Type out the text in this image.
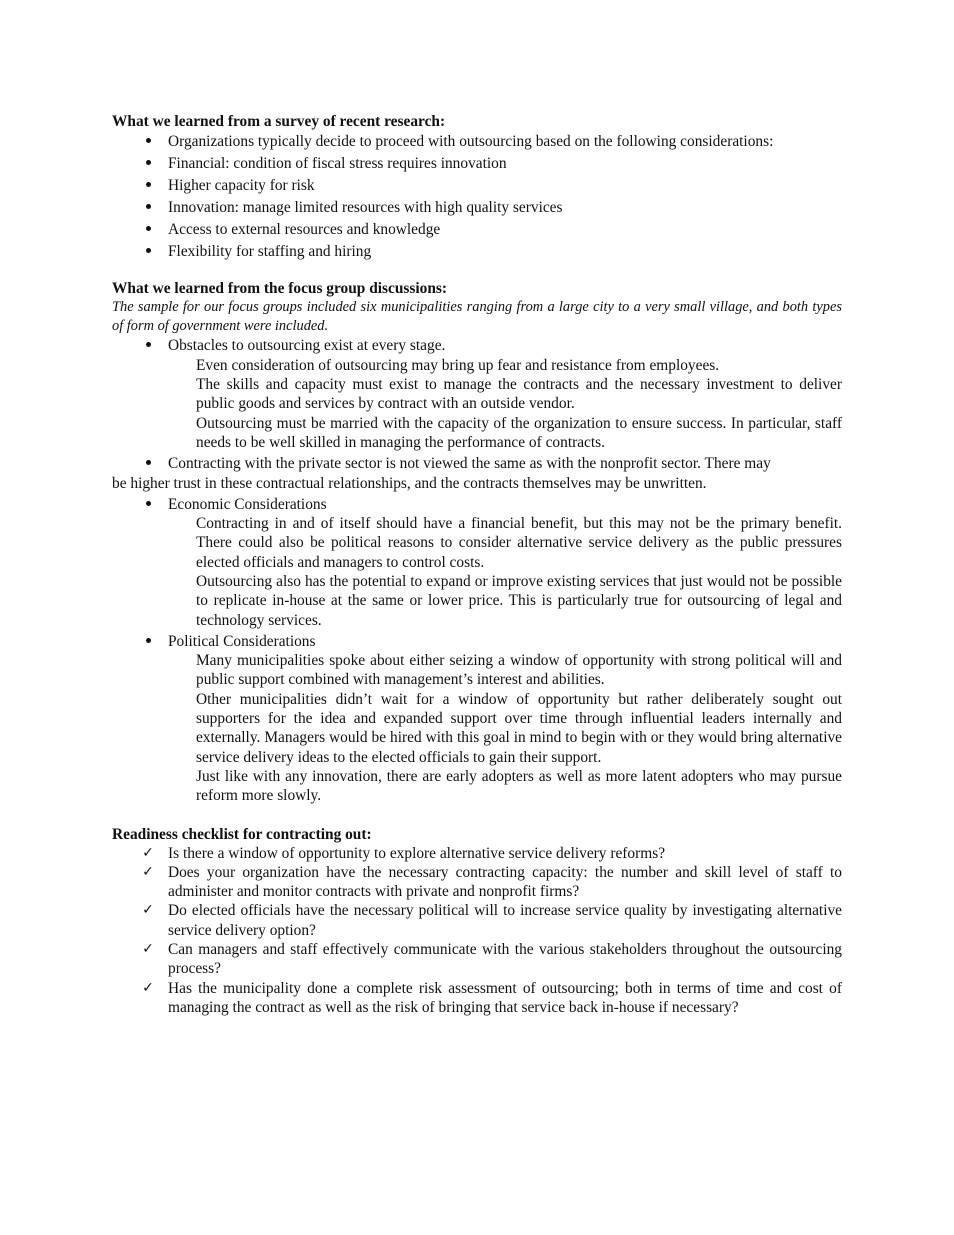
What we learned from a survey of recent research:

Organizations typically decide to proceed with outsourcing based on the following considerations:
Financial: condition of fiscal stress requires innovation
Higher capacity for risk
Innovation: manage limited resources with high quality services
Access to external resources and knowledge
Flexibility for staffing and hiring

What we learned from the focus group discussions:

The sample for our focus groups included six municipalities ranging from a large city to a very small village, and both types of form of government were included.

Obstacles to outsourcing exist at every stage.

Even consideration of outsourcing may bring up fear and resistance from employees.

The skills and capacity must exist to manage the contracts and the necessary investment to deliver public goods and services by contract with an outside vendor.

Outsourcing must be married with the capacity of the organization to ensure success. In particular, staff needs to be well skilled in managing the performance of contracts.

Contracting with the private sector is not viewed the same as with the nonprofit sector. There may
be higher trust in these contractual relationships, and the contracts themselves may be unwritten.
Economic Considerations

Contracting in and of itself should have a financial benefit, but this may not be the primary benefit. There could also be political reasons to consider alternative service delivery as the public pressures elected officials and managers to control costs.

Outsourcing also has the potential to expand or improve existing services that just would not be possible to replicate in-house at the same or lower price. This is particularly true for outsourcing of legal and technology services.

Political Considerations

Many municipalities spoke about either seizing a window of opportunity with strong political will and public support combined with management’s interest and abilities.

Other municipalities didn’t wait for a window of opportunity but rather deliberately sought out supporters for the idea and expanded support over time through influential leaders internally and externally. Managers would be hired with this goal in mind to begin with or they would bring alternative service delivery ideas to the elected officials to gain their support.

Just like with any innovation, there are early adopters as well as more latent adopters who may pursue reform more slowly.

Readiness checklist for contracting out:

✓ Is there a window of opportunity to explore alternative service delivery reforms?
✓ Does your organization have the necessary contracting capacity: the number and skill level of staff to administer and monitor contracts with private and nonprofit firms?
✓ Do elected officials have the necessary political will to increase service quality by investigating alternative service delivery option?
✓ Can managers and staff effectively communicate with the various stakeholders throughout the outsourcing process?
✓ Has the municipality done a complete risk assessment of outsourcing; both in terms of time and cost of managing the contract as well as the risk of bringing that service back in-house if necessary?
